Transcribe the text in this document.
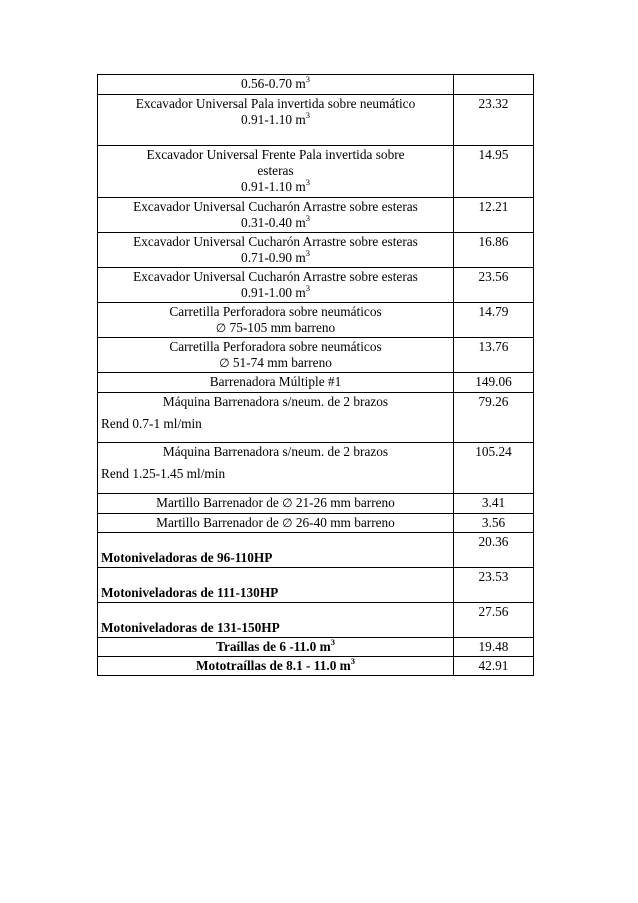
0.56-0.70 $m^3$

Excavador Universal Pala invertida sobre neumático
0.91-1.10 $m^3$	23.32

Excavador Universal Frente Pala invertida sobre
esteras
0.91-1.10 $m^3$	14.95

Excavador Universal Cucharón Arrastre sobre esteras
0.31-0.40 $m^3$	12.21

Excavador Universal Cucharón Arrastre sobre esteras
0.71-0.90 $m^3$	16.86

Excavador Universal Cucharón Arrastre sobre esteras
0.91-1.00 $m^3$	23.56

Carretilla Perforadora sobre neumáticos
∅ 75-105 mm barreno	14.79

Carretilla Perforadora sobre neumáticos
∅ 51-74 mm barreno	13.76

Barrenadora Múltiple #1	149.06

Máquina Barrenadora s/neum. de 2 brazos
Rend 0.7-1 ml/min	79.26

Máquina Barrenadora s/neum. de 2 brazos
Rend 1.25-1.45 ml/min	105.24

Martillo Barrenador de ∅ 21-26 mm barreno	3.41

Martillo Barrenador de ∅ 26-40 mm barreno	3.56

Motoniveladoras de 96-110HP	20.36

Motoniveladoras de 111-130HP	23.53

Motoniveladoras de 131-150HP	27.56

Traíllas de 6 -11.0 $m^3$	19.48

Mototraíllas de 8.1 - 11.0 $m^3$	42.91
